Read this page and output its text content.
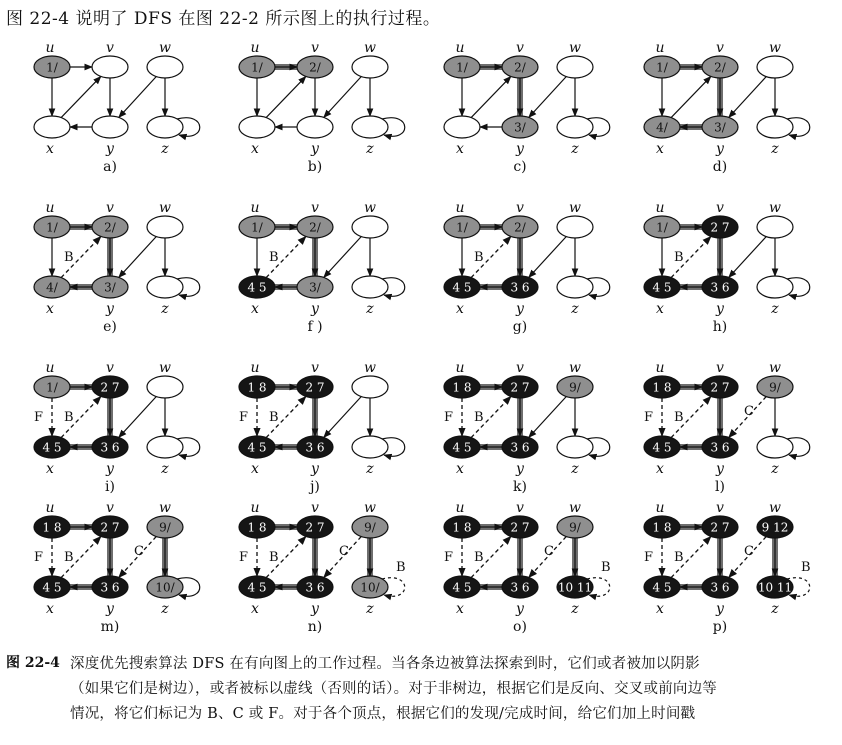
图 22-4 说明了 DFS 在图 22-2 所示图上的执行过程。
1/
u	v	w
x	y	z
a)
1/
u
2/
v	w
x	y	z
b)
1/
u
2/
v	w
x
3/
y	z
c)
1/
u
2/
v	w
4/
x
3/
y	z
d)
B
1/
u
2/
v	w
4/
x
3/
y	z
e)
B
1/
u
2/
v	w
4 5
x
3/
y	z
f )
B
1/
u
2/
v	w
4 5
x
3 6
y	z
g)
B
1/
u
2 7
v	w
4 5
x
3 6
y	z
h)
F B
1/
u
2 7
v	w
4 5
x
3 6
y	z
i)
F B
1 8
u
2 7
v	w
4 5
x
3 6
y	z
j)
F B
1 8
u
2 7
v
9/
w
4 5
x
3 6
y	z
k)
F B	C
1 8
u
2 7
v
9/
w
4 5
x
3 6
y	z
l)
F B	C
1 8
u
2 7
v
9/
w
4 5
x
3 6
y
10/
z
m)
F B	C
B
1 8
u
2 7
v
9/
w
4 5
x
3 6
y
10/
z
n)
F B	C
B
1 8
u
2 7
v
9/
w
4 5
x
3 6
y
10 11
z
o)
F B	C
B
1 8
u
2 7
v
9 12
w
4 5
x
3 6
y
10 11
z
p)
图 22-4 深度优先搜索算法 DFS 在有向图上的工作过程。当各条边被算法探索到时，它们或者被加以阴影
（如果它们是树边），或者被标以虚线（否则的话）。对于非树边，根据它们是反向、交叉或前向边等
情况，将它们标记为 B、C 或 F。对于各个顶点，根据它们的发现/完成时间，给它们加上时间戳
